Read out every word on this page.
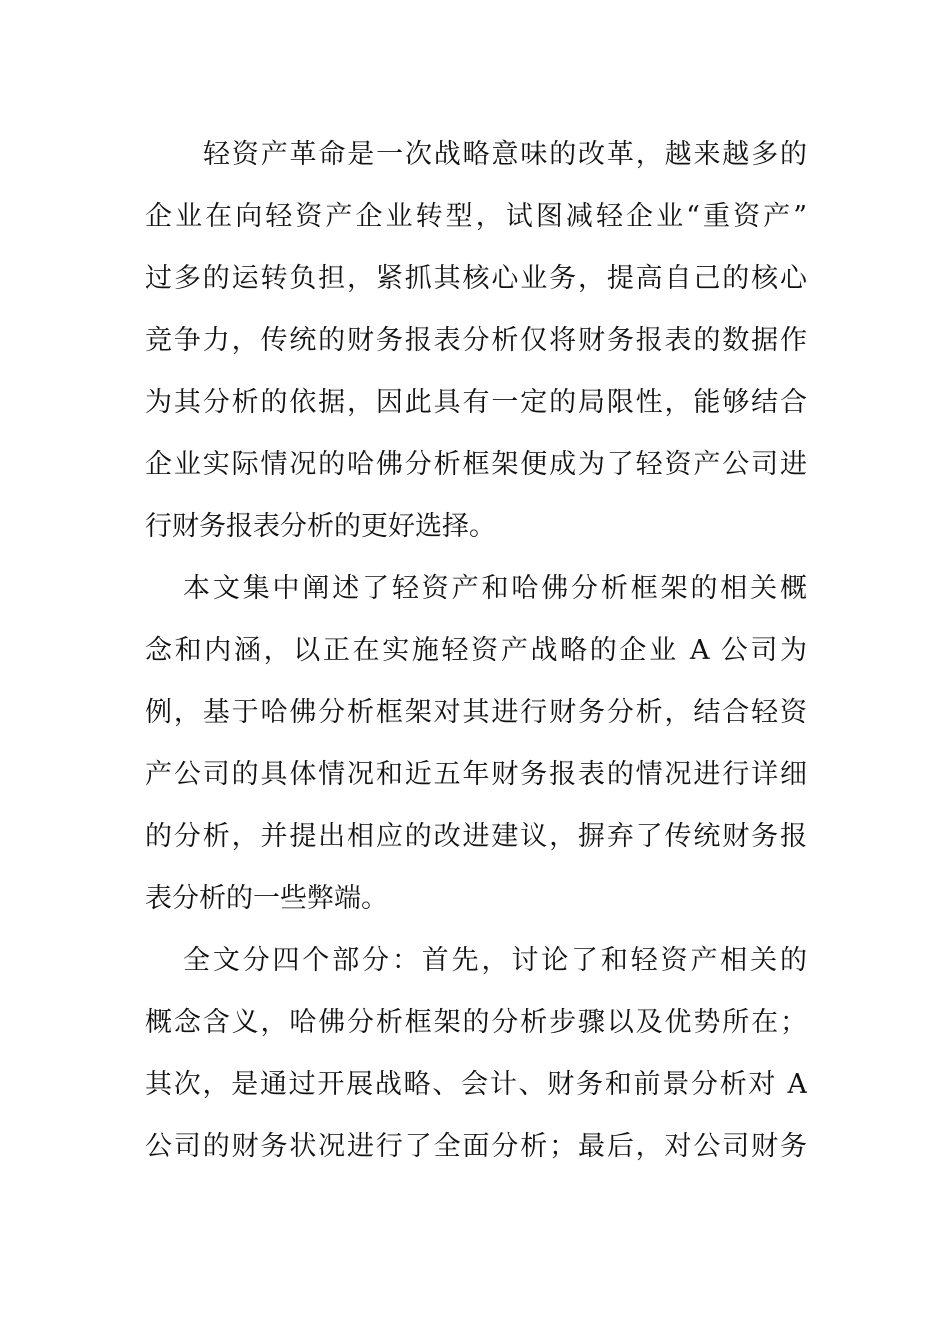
轻资产革命是一次战略意味的改革，越来越多的
企业在向轻资产企业转型，试图减轻企业“重资产”
过多的运转负担，紧抓其核心业务，提高自己的核心
竞争力，传统的财务报表分析仅将财务报表的数据作
为其分析的依据，因此具有一定的局限性，能够结合
企业实际情况的哈佛分析框架便成为了轻资产公司进
行财务报表分析的更好选择。
本文集中阐述了轻资产和哈佛分析框架的相关概
念和内涵，以正在实施轻资产战略的企业 A 公司为
例，基于哈佛分析框架对其进行财务分析，结合轻资
产公司的具体情况和近五年财务报表的情况进行详细
的分析，并提出相应的改进建议，摒弃了传统财务报
表分析的一些弊端。
全文分四个部分：首先，讨论了和轻资产相关的
概念含义，哈佛分析框架的分析步骤以及优势所在；
其次，是通过开展战略、会计、财务和前景分析对 A
公司的财务状况进行了全面分析；最后，对公司财务
